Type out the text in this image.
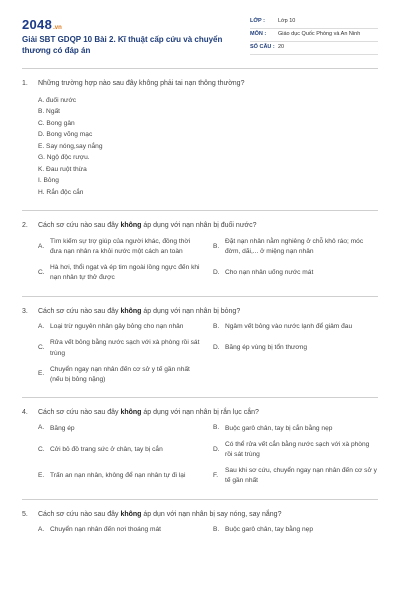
2048 .vn
Giải SBT GDQP 10 Bài 2. Kĩ thuật cấp cứu và chuyển thương có đáp án
LỚP :	Lớp 10
MÔN :	Giáo dục Quốc Phòng và An Ninh
SỐ CÂU : 20
1.	Những trường hợp nào sau đây không phải tai nạn thông thường?
A. đuối nước
B. Ngất
C. Bong gân
D. Bong võng mạc
E. Say nóng,say nắng
G. Ngộ độc rượu.
K. Đau ruột thừa
I. Bỏng
H. Rắn độc cắn
2.	Cách sơ cứu nào sau đây không áp dụng với nạn nhân bị đuối nước?
A.
Tìm kiếm sự trợ giúp của người khác, đồng thời đưa nạn nhân ra khỏi nước một cách an toàn
B.
Đặt nạn nhân nằm nghiêng ở chỗ khô ráo; móc đờm, dãi,... ở miệng nạn nhân
C.
Hà hơi, thổi ngạt và ép tim ngoài lồng ngực đến khi nạn nhân tự thở được
D. Cho nạn nhân uống nước mát
3.	Cách sơ cứu nào sau đây không áp dụng với nạn nhân bị bỏng?
A. Loại trừ nguyên nhân gây bỏng cho nạn nhân	B. Ngâm vết bỏng vào nước lạnh để giảm đau
C.
Rửa vết bỏng bằng nước sạch với xà phòng rồi sát trùng
D. Băng ép vùng bị tổn thương
E.
Chuyển ngay nạn nhân đến cơ sở y tế gần nhất (nếu bị bỏng nặng)
4.	Cách sơ cứu nào sau đây không áp dụng với nạn nhân bị rắn lục cắn?
A. Băng ép	B. Buộc garô chân, tay bị cắn bằng nẹp
C. Cởi bỏ đồ trang sức ở chân, tay bị cắn	D.
Có thể rửa vết cắn bằng nước sạch với xà phòng rồi sát trùng
E. Trấn an nạn nhân, không để nạn nhân tự đi lại	F.
Sau khi sơ cứu, chuyển ngay nạn nhân đến cơ sở y tế gần nhất
5.	Cách sơ cứu nào sau đây không áp dụn với nạn nhân bị say nóng, say nắng?
A. Chuyển nạn nhân đến nơi thoáng mát	B. Buộc garô chân, tay bằng nẹp
